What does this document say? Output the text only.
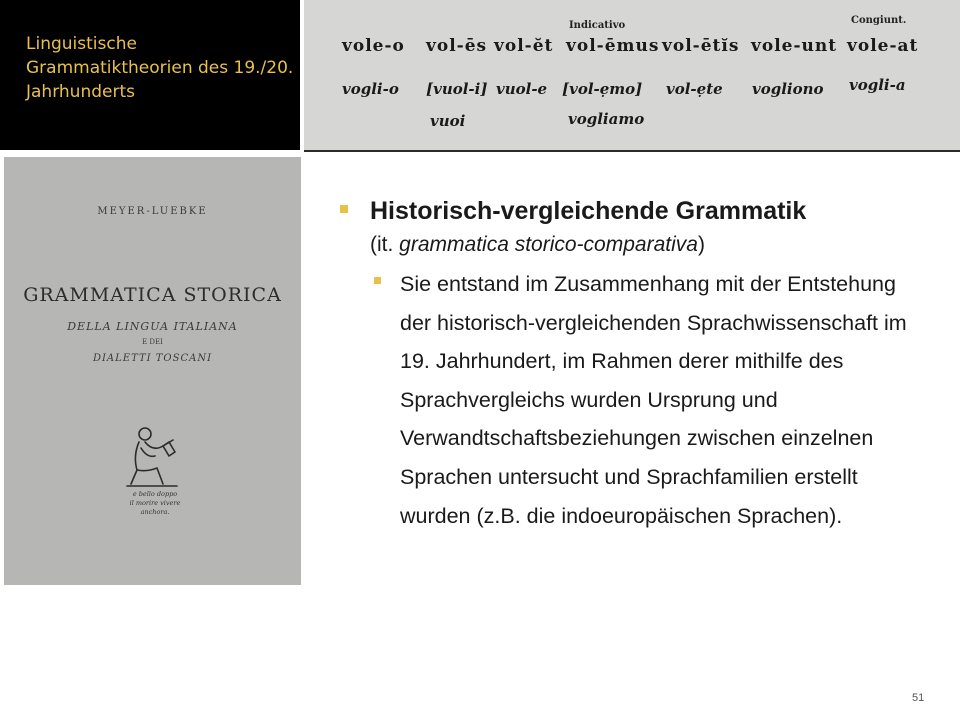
Linguistische Grammatiktheorien des 19./20. Jahrhunderts
Indicativo	Congiunt.
vole-o vol-ēs vol-ĕt vol-ēmus vol-ētĭs vole-unt vole-at
vogli-o [vuol-i] vuol-e [vol-ẹmo] vol-ẹte vogliono vogli-a
vuoi	vogliamo
MEYER-LUEBKE
GRAMMATICA STORICA
DELLA LINGUA ITALIANA
E DEI
DIALETTI TOSCANI
e bello doppo
il morire vivere
anchora.
Historisch-vergleichende Grammatik
(it. grammatica storico-comparativa)
Sie entstand im Zusammenhang mit der Entstehung der historisch-vergleichenden Sprachwissenschaft im 19. Jahrhundert, im Rahmen derer mithilfe des Sprachvergleichs wurden Ursprung und Verwandtschaftsbeziehungen zwischen einzelnen Sprachen untersucht und Sprachfamilien erstellt wurden (z.B. die indoeuropäischen Sprachen).
51
